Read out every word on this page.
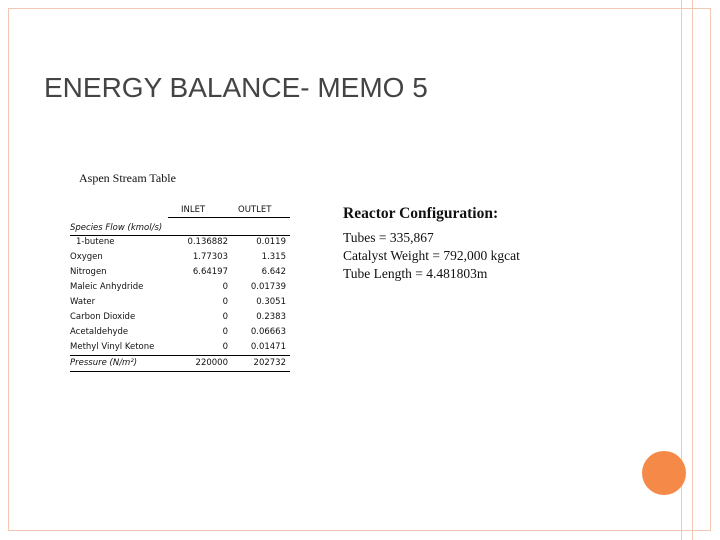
ENERGY BALANCE- MEMO 5
Aspen Stream Table
INLET	OUTLET
Species Flow (kmol/s)
1-butene	0.136882	0.0119
Oxygen	1.77303	1.315
Nitrogen	6.64197	6.642
Maleic Anhydride	0	0.01739
Water	0	0.3051
Carbon Dioxide	0	0.2383
Acetaldehyde	0	0.06663
Methyl Vinyl Ketone	0	0.01471
Pressure (N/m²)	220000	202732
Reactor Configuration:
Tubes = 335,867
Catalyst Weight = 792,000 kgcat
Tube Length = 4.481803m
